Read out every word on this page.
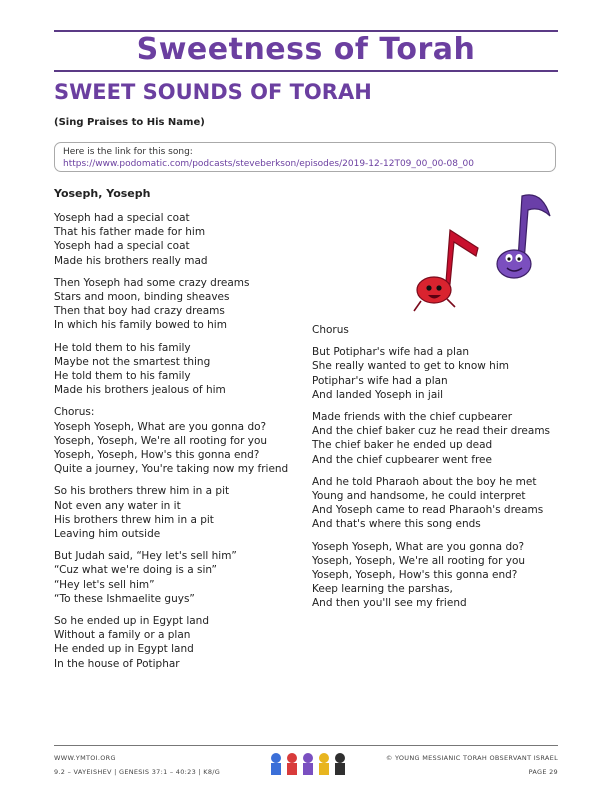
Sweetness of Torah
SWEET SOUNDS OF TORAH
(Sing Praises to His Name)
Here is the link for this song:
https://www.podomatic.com/podcasts/steveberkson/episodes/2019-12-12T09_00_00-08_00
Yoseph, Yoseph
Yoseph had a special coat
That his father made for him
Yoseph had a special coat
Made his brothers really mad
Then Yoseph had some crazy dreams
Stars and moon, binding sheaves
Then that boy had crazy dreams
In which his family bowed to him
He told them to his family
Maybe not the smartest thing
He told them to his family
Made his brothers jealous of him
Chorus:
Yoseph Yoseph, What are you gonna do?
Yoseph, Yoseph, We're all rooting for you
Yoseph, Yoseph, How's this gonna end?
Quite a journey, You're taking now my friend
So his brothers threw him in a pit
Not even any water in it
His brothers threw him in a pit
Leaving him outside
But Judah said, “Hey let's sell him”
“Cuz what we're doing is a sin”
“Hey let's sell him”
“To these Ishmaelite guys”
So he ended up in Egypt land
Without a family or a plan
He ended up in Egypt land
In the house of Potiphar
Chorus
But Potiphar's wife had a plan
She really wanted to get to know him
Potiphar's wife had a plan
And landed Yoseph in jail
Made friends with the chief cupbearer
And the chief baker cuz he read their dreams
The chief baker he ended up dead
And the chief cupbearer went free
And he told Pharaoh about the boy he met
Young and handsome, he could interpret
And Yoseph came to read Pharaoh's dreams
And that's where this song ends
Yoseph Yoseph, What are you gonna do?
Yoseph, Yoseph, We're all rooting for you
Yoseph, Yoseph, How's this gonna end?
Keep learning the parshas,
And then you'll see my friend
WWW.YMTOI.ORG
9.2 – VAYEISHEV | GENESIS 37:1 – 40:23 | K8/G
© YOUNG MESSIANIC TORAH OBSERVANT ISRAEL
PAGE 29
